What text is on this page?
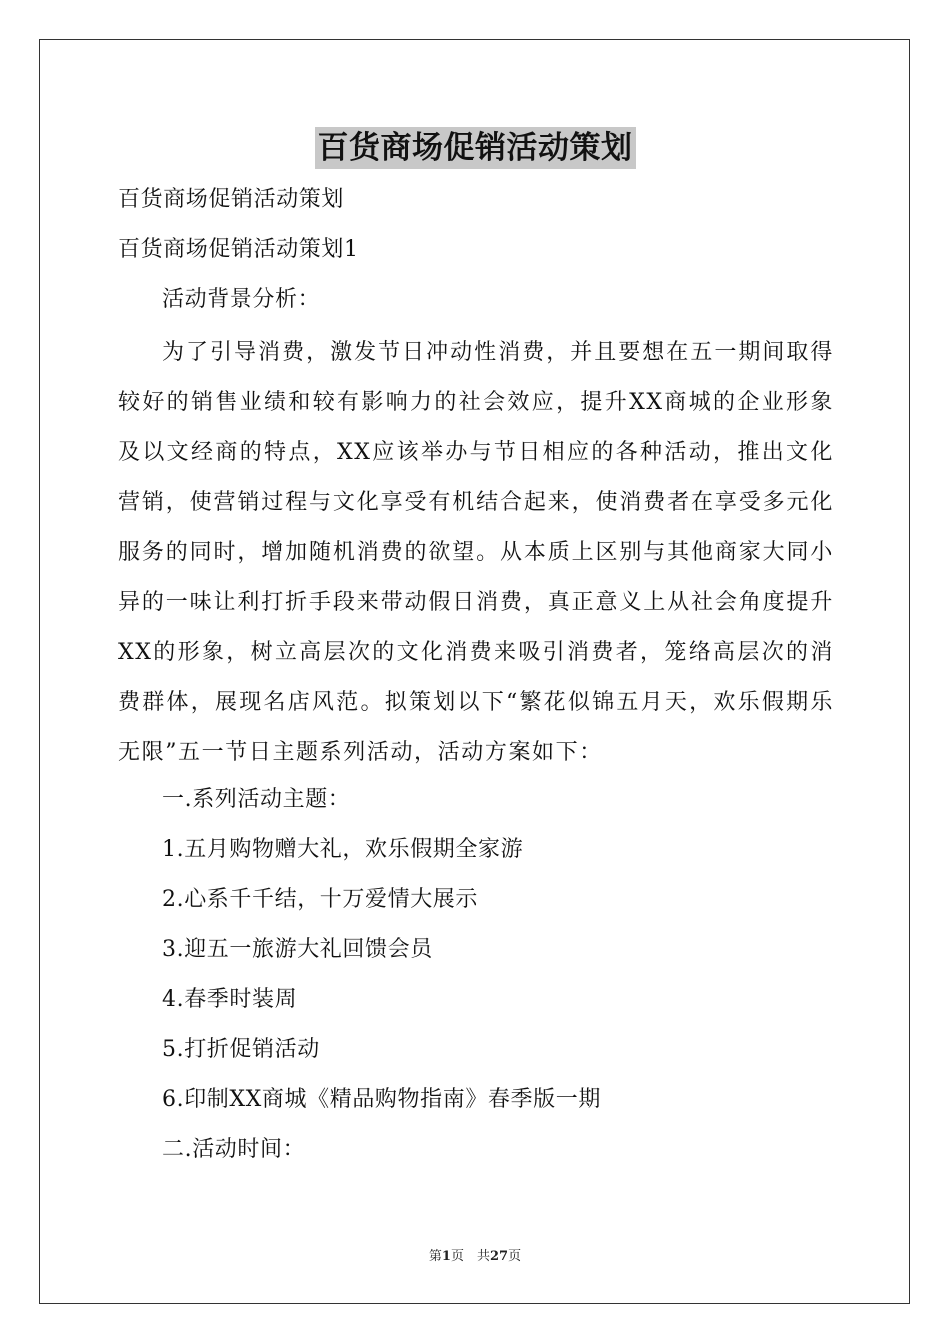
百货商场促销活动策划
百货商场促销活动策划
百货商场促销活动策划1
活动背景分析：

为了引导消费，激发节日冲动性消费，并且要想在五一期间取得较好的销售业绩和较有影响力的社会效应，提升XX商城的企业形象及以文经商的特点，XX应该举办与节日相应的各种活动，推出文化营销，使营销过程与文化享受有机结合起来，使消费者在享受多元化服务的同时，增加随机消费的欲望。从本质上区别与其他商家大同小异的一味让利打折手段来带动假日消费，真正意义上从社会角度提升XX的形象，树立高层次的文化消费来吸引消费者，笼络高层次的消费群体，展现名店风范。拟策划以下“繁花似锦五月天，欢乐假期乐无限”五一节日主题系列活动，活动方案如下：

一.系列活动主题：
1.五月购物赠大礼，欢乐假期全家游
2.心系千千结，十万爱情大展示
3.迎五一旅游大礼回馈会员
4.春季时装周
5.打折促销活动
6.印制XX商城《精品购物指南》春季版一期
二.活动时间：
第1页　共27页
